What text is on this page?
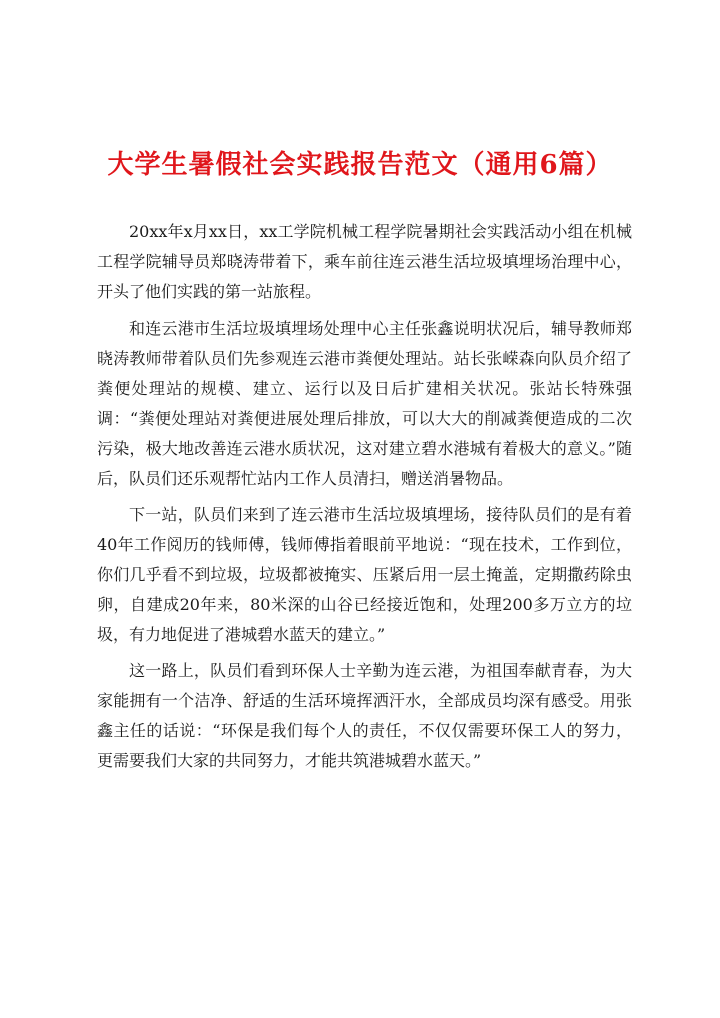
大学生暑假社会实践报告范文（通用6篇）

20xx年x月xx日，xx工学院机械工程学院暑期社会实践活动小组在机械工程学院辅导员郑晓涛带着下，乘车前往连云港生活垃圾填埋场治理中心，开头了他们实践的第一站旅程。

和连云港市生活垃圾填埋场处理中心主任张鑫说明状况后，辅导教师郑晓涛教师带着队员们先参观连云港市粪便处理站。站长张嵘森向队员介绍了粪便处理站的规模、建立、运行以及日后扩建相关状况。张站长特殊强调：“粪便处理站对粪便进展处理后排放，可以大大的削减粪便造成的二次污染，极大地改善连云港水质状况，这对建立碧水港城有着极大的意义。”随后，队员们还乐观帮忙站内工作人员清扫，赠送消暑物品。

下一站，队员们来到了连云港市生活垃圾填埋场，接待队员们的是有着40年工作阅历的钱师傅，钱师傅指着眼前平地说：“现在技术，工作到位，你们几乎看不到垃圾，垃圾都被掩实、压紧后用一层土掩盖，定期撒药除虫卵，自建成20年来，80米深的山谷已经接近饱和，处理200多万立方的垃圾，有力地促进了港城碧水蓝天的建立。”

这一路上，队员们看到环保人士辛勤为连云港，为祖国奉献青春，为大家能拥有一个洁净、舒适的生活环境挥洒汗水，全部成员均深有感受。用张鑫主任的话说：“环保是我们每个人的责任，不仅仅需要环保工人的努力，更需要我们大家的共同努力，才能共筑港城碧水蓝天。”
